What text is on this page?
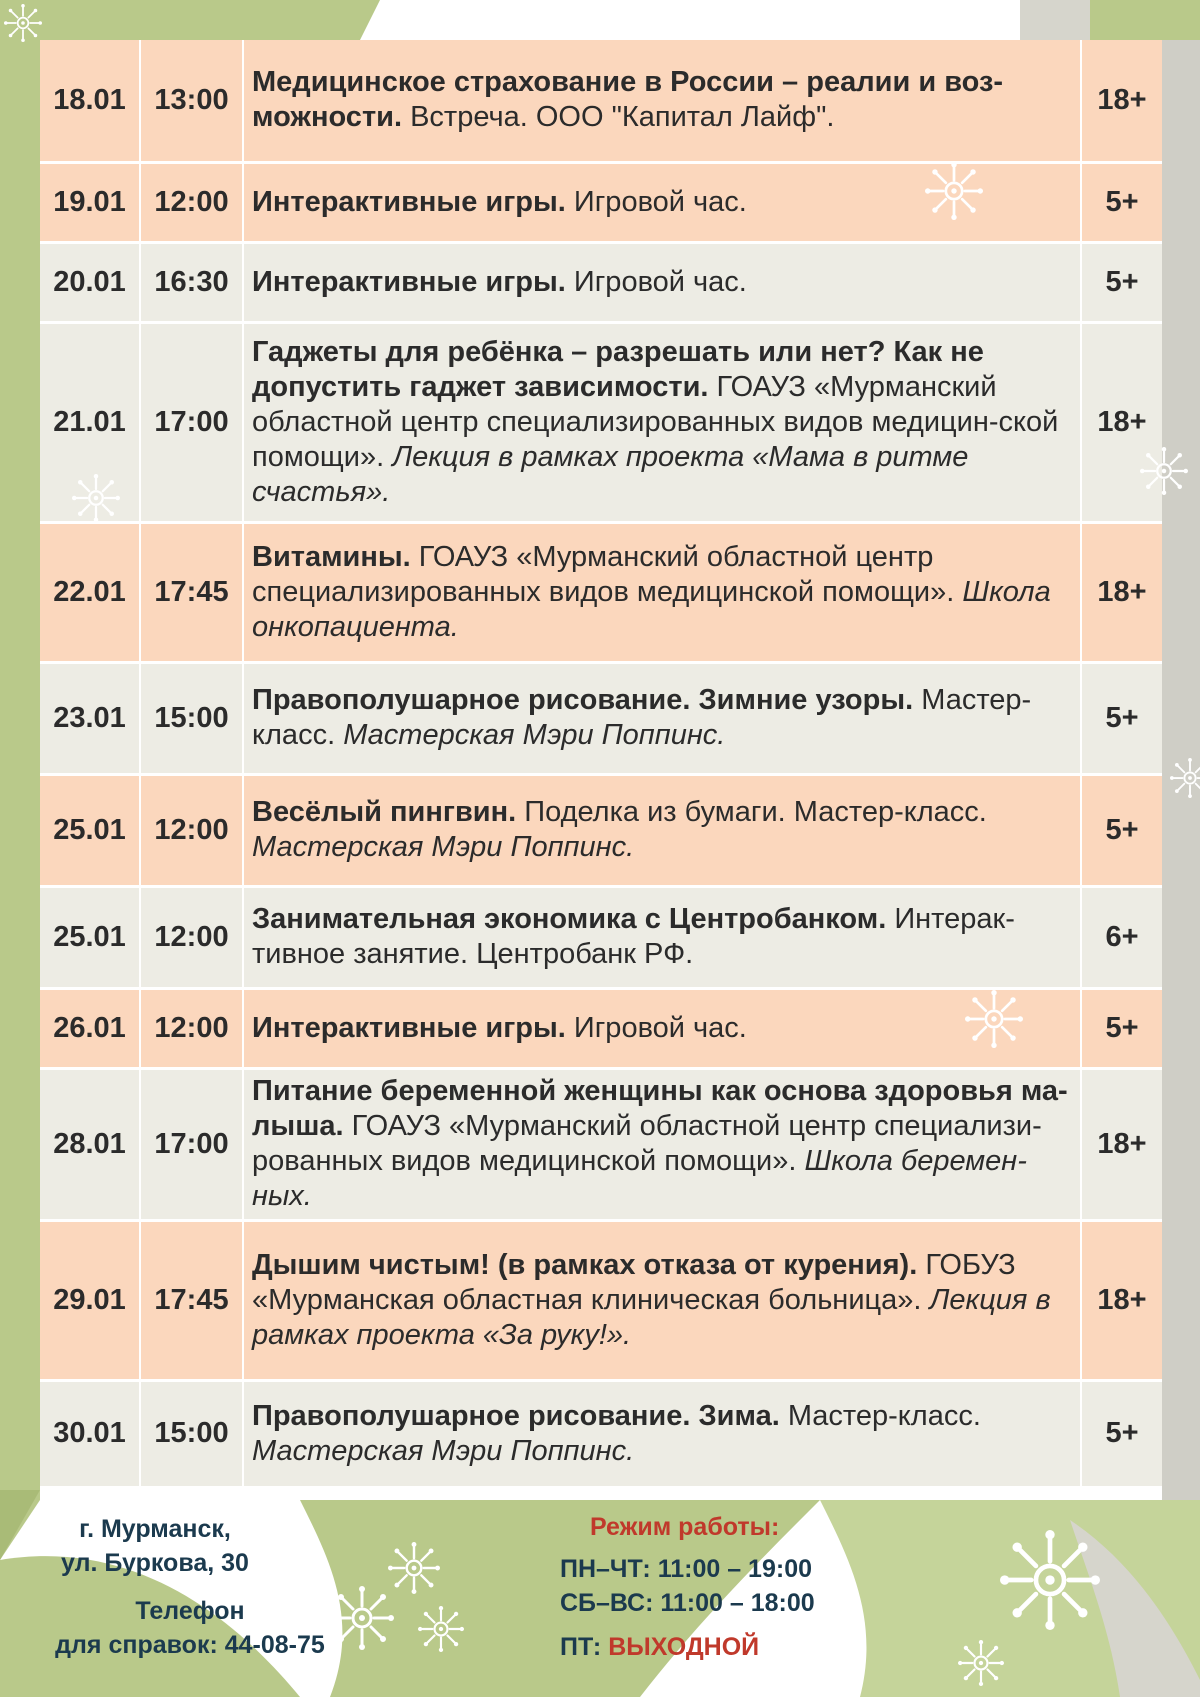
18.01	13:00	Медицинское страхование в России – реалии и воз-можности. Встреча. ООО "Капитал Лайф".	18+
19.01	12:00	Интерактивные игры. Игровой час.	5+
20.01	16:30	Интерактивные игры. Игровой час.	5+
21.01	17:00	Гаджеты для ребёнка – разрешать или нет? Как не допустить гаджет зависимости. ГОАУЗ «Мурманский областной центр специализированных видов медицин-ской помощи». Лекция в рамках проекта «Мама в ритме счастья».	18+
22.01	17:45	Витамины. ГОАУЗ «Мурманский областной центр специализированных видов медицинской помощи». Школа онкопациента.	18+
23.01	15:00	Правополушарное рисование. Зимние узоры. Мастер-класс. Мастерская Мэри Поппинс.	5+
25.01	12:00	Весёлый пингвин. Поделка из бумаги. Мастер-класс. Мастерская Мэри Поппинс.	5+
25.01	12:00	Занимательная экономика с Центробанком. Интерак-тивное занятие. Центробанк РФ.	6+
26.01	12:00	Интерактивные игры. Игровой час.	5+
28.01	17:00	Питание беременной женщины как основа здоровья ма-лыша. ГОАУЗ «Мурманский областной центр специализи-рованных видов медицинской помощи». Школа беремен-ных.	18+
29.01	17:45	Дышим чистым! (в рамках отказа от курения). ГОБУЗ «Мурманская областная клиническая больница». Лекция в рамках проекта «За руку!».	18+
30.01	15:00	Правополушарное рисование. Зима. Мастер-класс. Мастерская Мэри Поппинс.	5+
г. Мурманск,
ул. Буркова, 30
Телефон
для справок: 44-08-75
Режим работы:
ПН–ЧТ: 11:00 – 19:00
СБ–ВС: 11:00 – 18:00
ПТ: ВЫХОДНОЙ
